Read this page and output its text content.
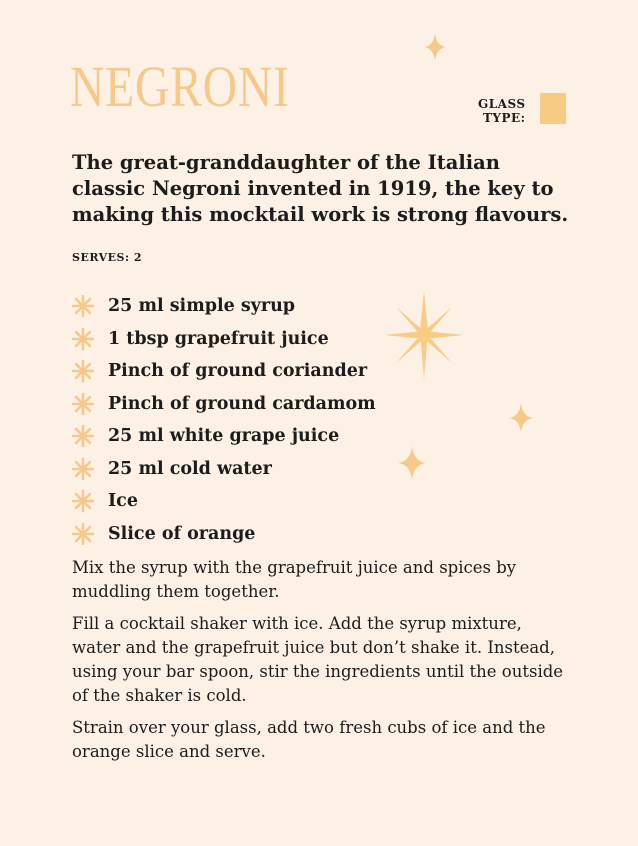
NEGRONI	GLASS
TYPE:
The great-granddaughter of the Italian classic Negroni invented in 1919, the key to making this mocktail work is strong flavours.
SERVES: 2
25 ml simple syrup
1 tbsp grapefruit juice
Pinch of ground coriander
Pinch of ground cardamom
25 ml white grape juice
25 ml cold water
Ice
Slice of orange

Mix the syrup with the grapefruit juice and spices by muddling them together.

Fill a cocktail shaker with ice. Add the syrup mixture, water and the grapefruit juice but don’t shake it. Instead, using your bar spoon, stir the ingredients until the outside of the shaker is cold.

Strain over your glass, add two fresh cubs of ice and the orange slice and serve.
